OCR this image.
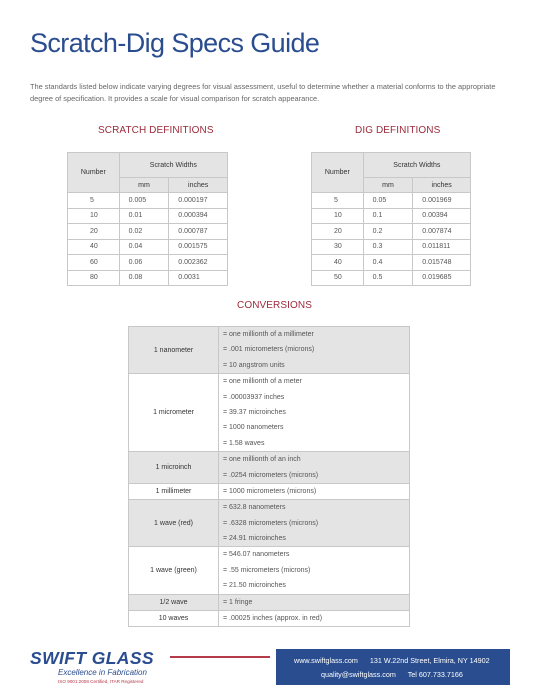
Scratch-Dig Specs Guide

The standards listed below indicate varying degrees for visual assessment, useful to determine whether a material conforms to the appropriate degree of specification. It provides a scale for visual comparison for scratch appearance.

SCRATCH DEFINITIONS	DIG DEFINITIONS
Number	Scratch Widths	
	mm	inches
5	0.005	0.000197
10	0.01	0.000394
20	0.02	0.000787
40	0.04	0.001575
60	0.06	0.002362
80	0.08	0.0031
Number	Scratch Widths	
	mm	inches
5	0.05	0.001969
10	0.1	0.00394
20	0.2	0.007874
30	0.3	0.011811
40	0.4	0.015748
50	0.5	0.019685
CONVERSIONS
1 nanometer	= one millionth of a millimeter
= .001 micrometers (microns)
= 10 angstrom units

1 micrometer	= one millionth of a meter
= .00003937 inches
= 39.37 microinches
= 1000 nanometers
= 1.58 waves

1 microinch	= one millionth of an inch
= .0254 micrometers (microns)

1 millimeter	= 1000 micrometers (microns)

1 wave (red)	= 632.8 nanometers
= .6328 micrometers (microns)
= 24.91 microinches

1 wave (green)	= 546.07 nanometers
= .55 micrometers (microns)
= 21.50 microinches

1/2 wave	= 1 fringe

10 waves	= .00025 inches (approx. in red)
SWIFT GLASS
Excellence in Fabrication
ISO 9001:2008 Certified, ITAR Registered
www.swiftglass.com 131 W.22nd Street, Elmira, NY 14902
quality@swiftglass.com Tel 607.733.7166
